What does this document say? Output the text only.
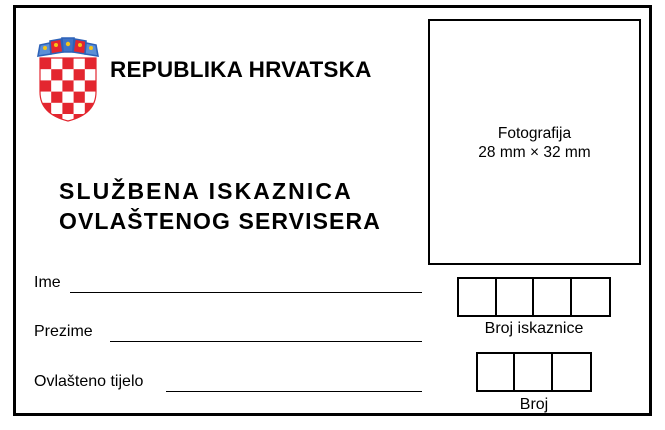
REPUBLIKA HRVATSKA
SLUŽBENA ISKAZNICA
OVLAŠTENOG SERVISERA
Fotografija
28 mm × 32 mm
Ime
Prezime
Ovlašteno tijelo
Broj iskaznice
Broj
